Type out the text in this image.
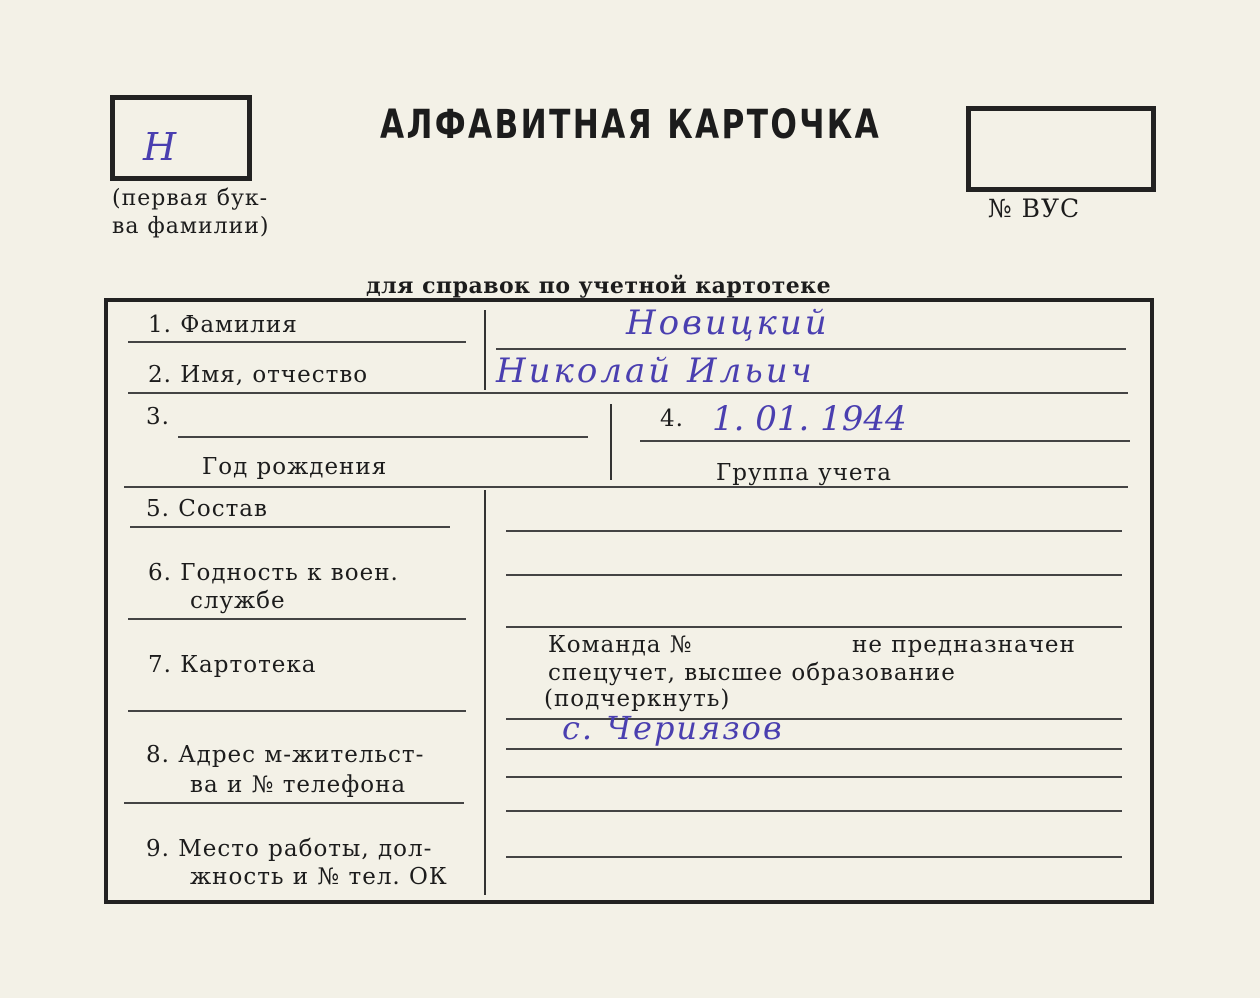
Н
(первая бук-
ва фамилии)
АЛФАВИТНАЯ КАРТОЧКА
№ ВУС
для справок по учетной картотеке
1. Фамилия	Новицкий
2. Имя, отчество	Николай Ильич
3.
Год рождения
4. 1. 01. 1944
Группа учета
5. Состав
6. Годность к воен.
службе
7. Картотека
8. Адрес м-жительст-
ва и № телефона
9. Место работы, дол-
жность и № тел. ОК
Команда №	не предназначен
спецучет, высшее образование
(подчеркнуть)
с. Чериязов
